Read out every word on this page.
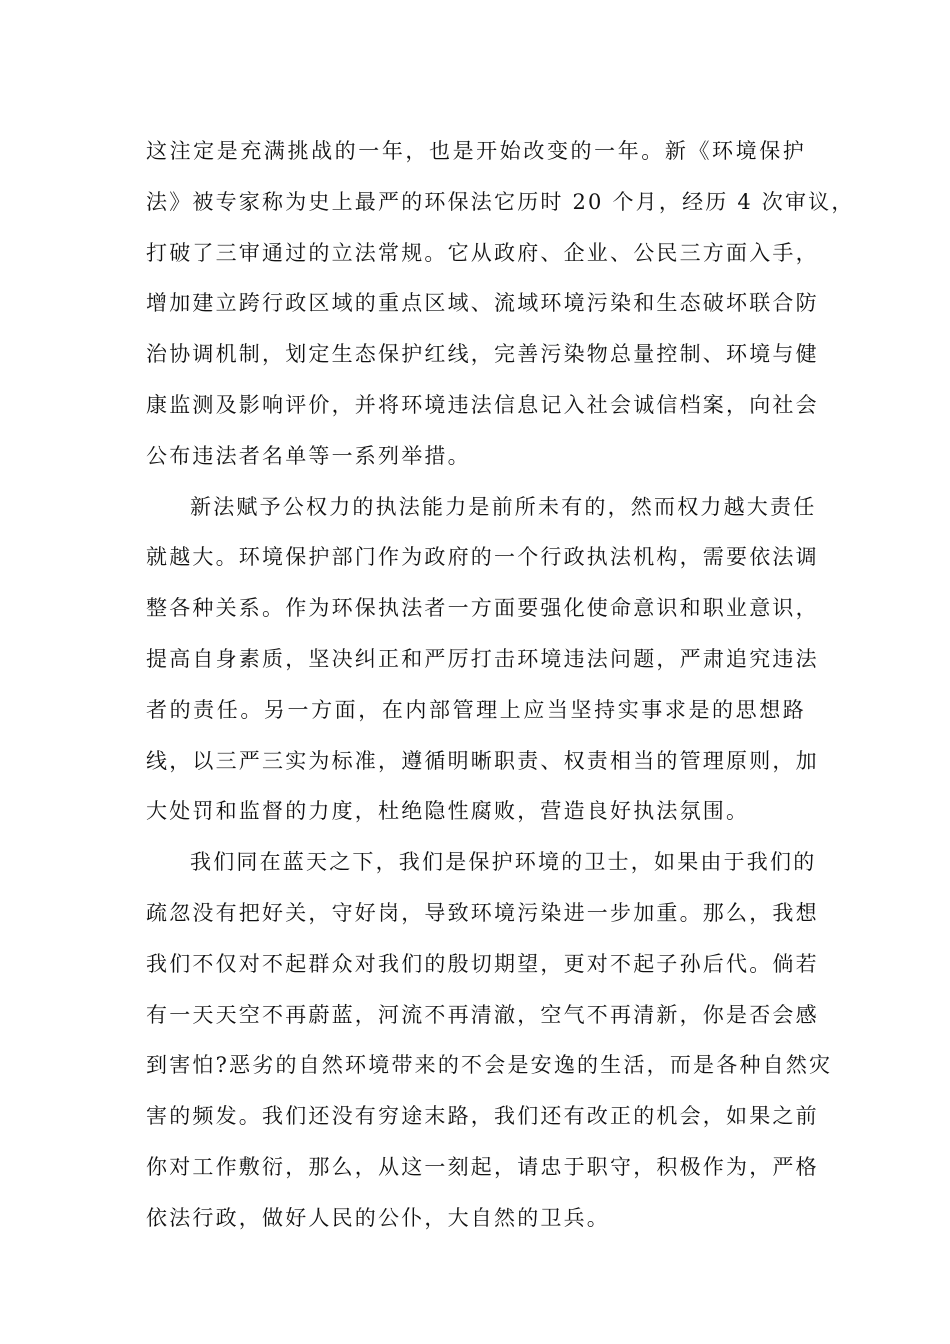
这注定是充满挑战的一年，也是开始改变的一年。新《环境保护
法》被专家称为史上最严的环保法它历时 20 个月，经历 4 次审议，
打破了三审通过的立法常规。它从政府、企业、公民三方面入手，
增加建立跨行政区域的重点区域、流域环境污染和生态破坏联合防
治协调机制，划定生态保护红线，完善污染物总量控制、环境与健
康监测及影响评价，并将环境违法信息记入社会诚信档案，向社会
公布违法者名单等一系列举措。
新法赋予公权力的执法能力是前所未有的，然而权力越大责任
就越大。环境保护部门作为政府的一个行政执法机构，需要依法调
整各种关系。作为环保执法者一方面要强化使命意识和职业意识，
提高自身素质，坚决纠正和严厉打击环境违法问题，严肃追究违法
者的责任。另一方面，在内部管理上应当坚持实事求是的思想路
线，以三严三实为标准，遵循明晰职责、权责相当的管理原则，加
大处罚和监督的力度，杜绝隐性腐败，营造良好执法氛围。
我们同在蓝天之下，我们是保护环境的卫士，如果由于我们的
疏忽没有把好关，守好岗，导致环境污染进一步加重。那么，我想
我们不仅对不起群众对我们的殷切期望，更对不起子孙后代。倘若
有一天天空不再蔚蓝，河流不再清澈，空气不再清新，你是否会感
到害怕?恶劣的自然环境带来的不会是安逸的生活，而是各种自然灾
害的频发。我们还没有穷途末路，我们还有改正的机会，如果之前
你对工作敷衍，那么，从这一刻起，请忠于职守，积极作为，严格
依法行政，做好人民的公仆，大自然的卫兵。
